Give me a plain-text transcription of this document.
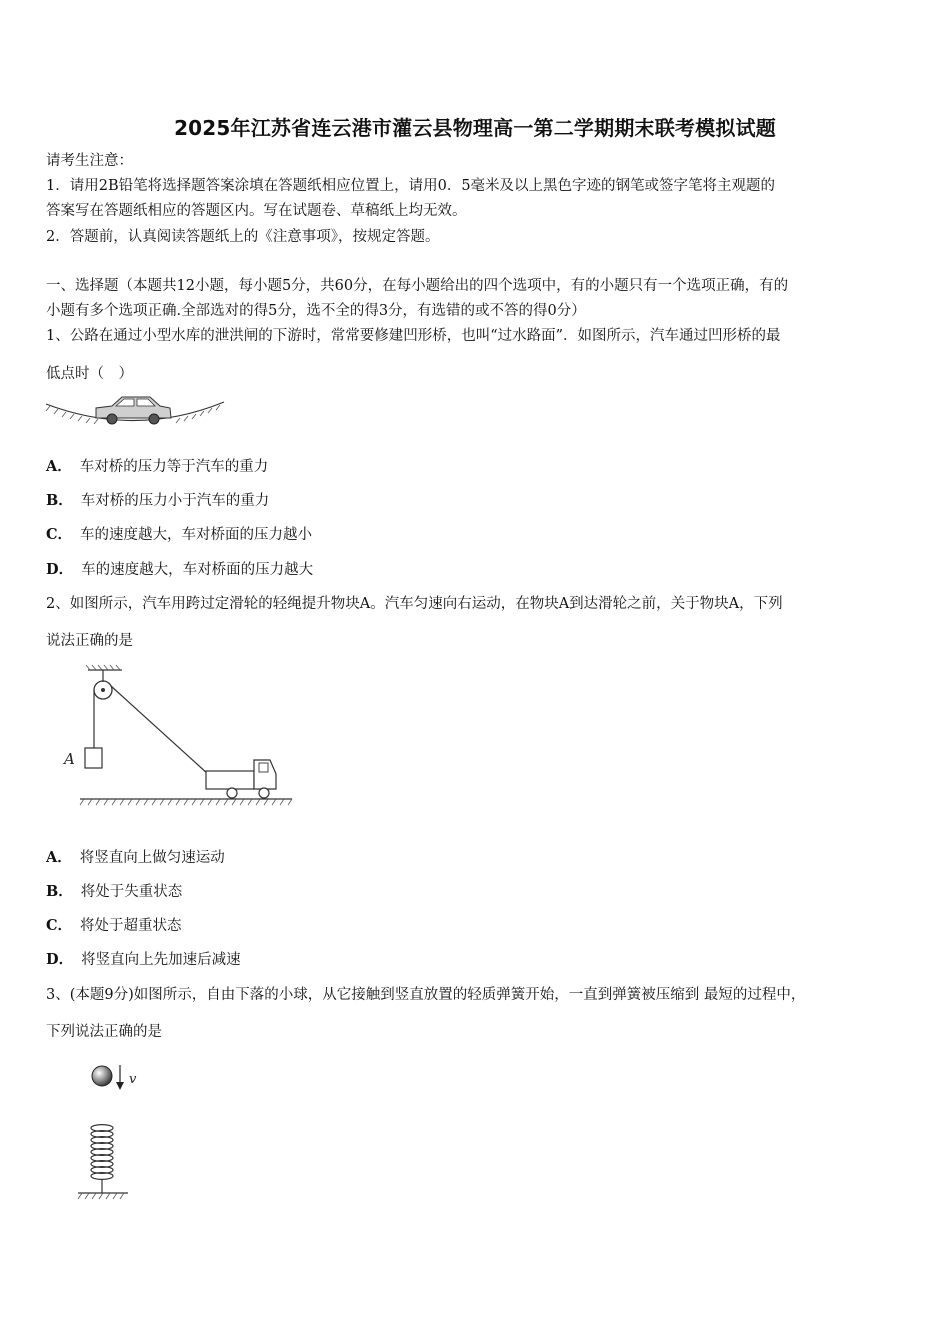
2025年江苏省连云港市灌云县物理高一第二学期期末联考模拟试题
请考生注意：
1．请用2B铅笔将选择题答案涂填在答题纸相应位置上，请用0．5毫米及以上黑色字迹的钢笔或签字笔将主观题的
答案写在答题纸相应的答题区内。写在试题卷、草稿纸上均无效。
2．答题前，认真阅读答题纸上的《注意事项》，按规定答题。
一、选择题（本题共12小题，每小题5分，共60分，在每小题给出的四个选项中，有的小题只有一个选项正确，有的
小题有多个选项正确.全部选对的得5分，选不全的得3分，有选错的或不答的得0分）
1、公路在通过小型水库的泄洪闸的下游时，常常要修建凹形桥，也叫“过水路面”．如图所示，汽车通过凹形桥的最
低点时（　）
A． 车对桥的压力等于汽车的重力
B． 车对桥的压力小于汽车的重力
C． 车的速度越大，车对桥面的压力越小
D． 车的速度越大，车对桥面的压力越大
2、如图所示，汽车用跨过定滑轮的轻绳提升物块A。汽车匀速向右运动，在物块A到达滑轮之前，关于物块A，下列
说法正确的是
A
A． 将竖直向上做匀速运动
B． 将处于失重状态
C． 将处于超重状态
D． 将竖直向上先加速后减速
3、(本题9分)如图所示，自由下落的小球，从它接触到竖直放置的轻质弹簧开始，一直到弹簧被压缩到 最短的过程中，
下列说法正确的是
v
